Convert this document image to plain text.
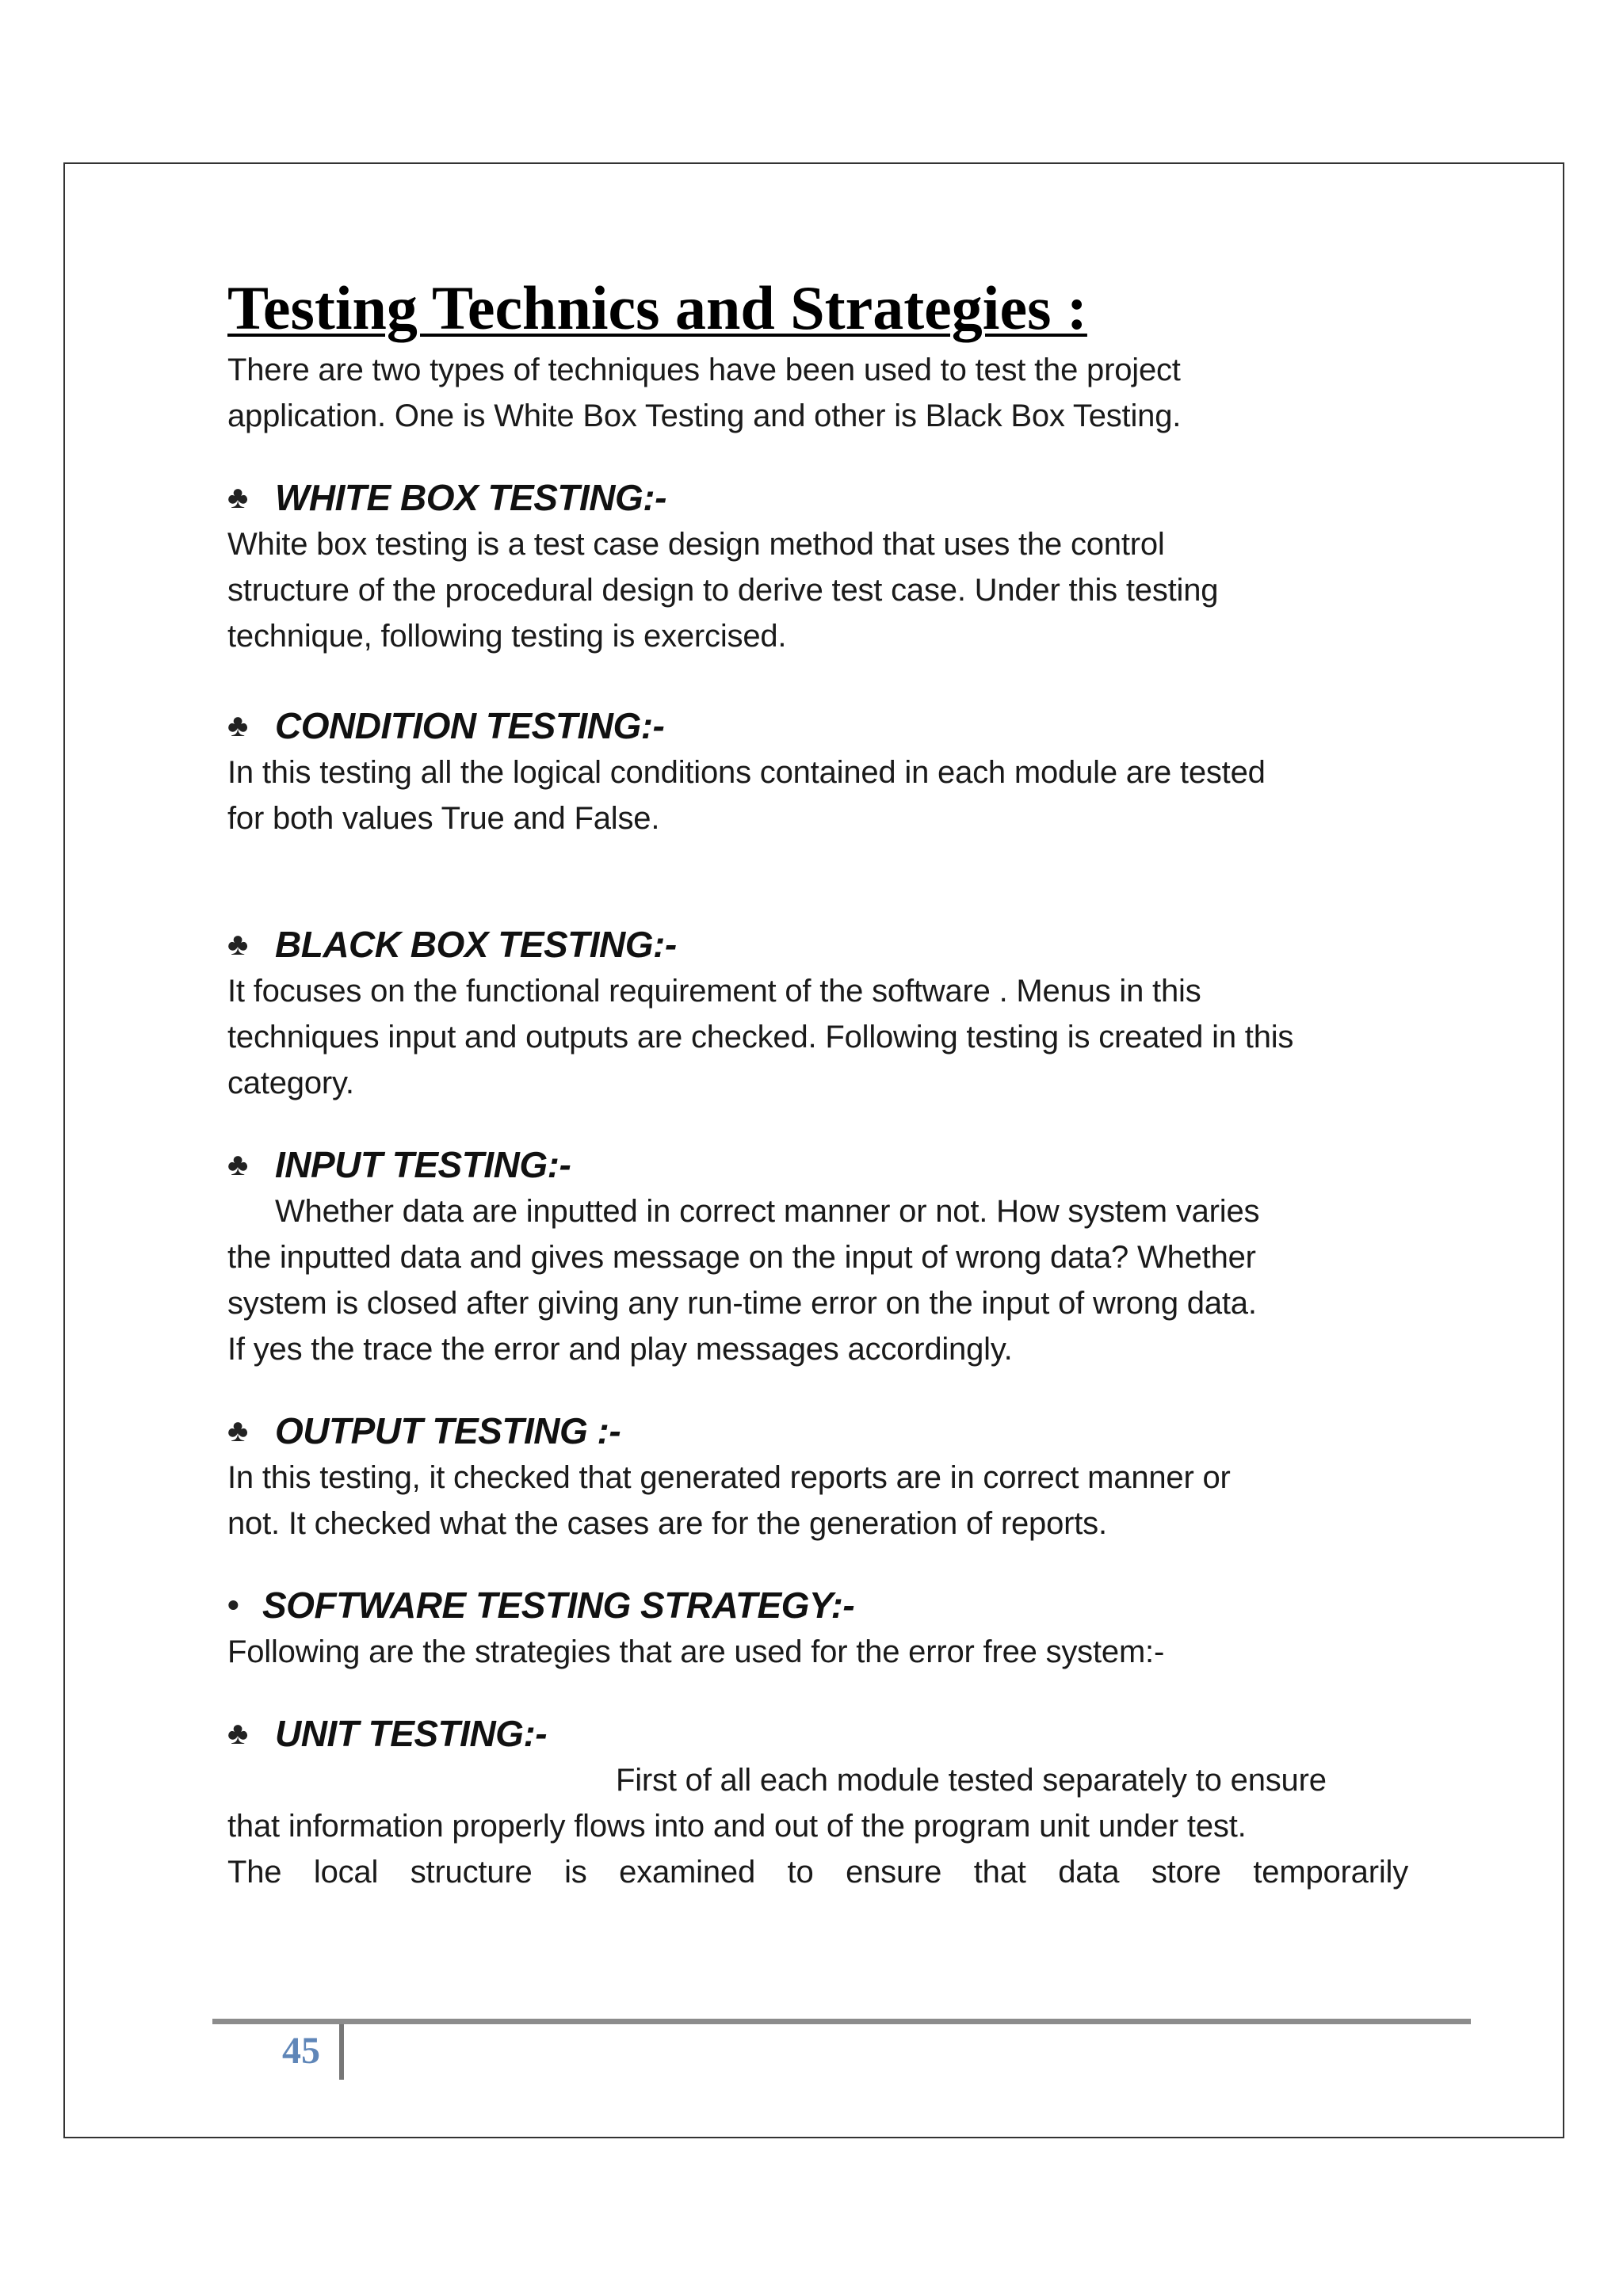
Testing Technics and Strategies :

There are two types of techniques have been used to test the project

application. One is White Box Testing and other is Black Box Testing.

♣ WHITE BOX TESTING:-

White box testing is a test case design method that uses the control

structure of the procedural design to derive test case. Under this testing

technique, following testing is exercised.

♣ CONDITION TESTING:-

In this testing all the logical conditions contained in each module are tested

for both values True and False.

♣ BLACK BOX TESTING:-

It focuses on the functional requirement of the software . Menus in this

techniques input and outputs are checked. Following testing is created in this

category.

♣ INPUT TESTING:-

Whether data are inputted in correct manner or not. How system varies

the inputted data and gives message on the input of wrong data? Whether

system is closed after giving any run-time error on the input of wrong data.

If yes the trace the error and play messages accordingly.

♣ OUTPUT TESTING :-

In this testing, it checked that generated reports are in correct manner or

not. It checked what the cases are for the generation of reports.

• SOFTWARE TESTING STRATEGY:-

Following are the strategies that are used for the error free system:-

♣ UNIT TESTING:-

First of all each module tested separately to ensure

that information properly flows into and out of the program unit under test.

The local structure is examined to ensure that data store temporarily

45
